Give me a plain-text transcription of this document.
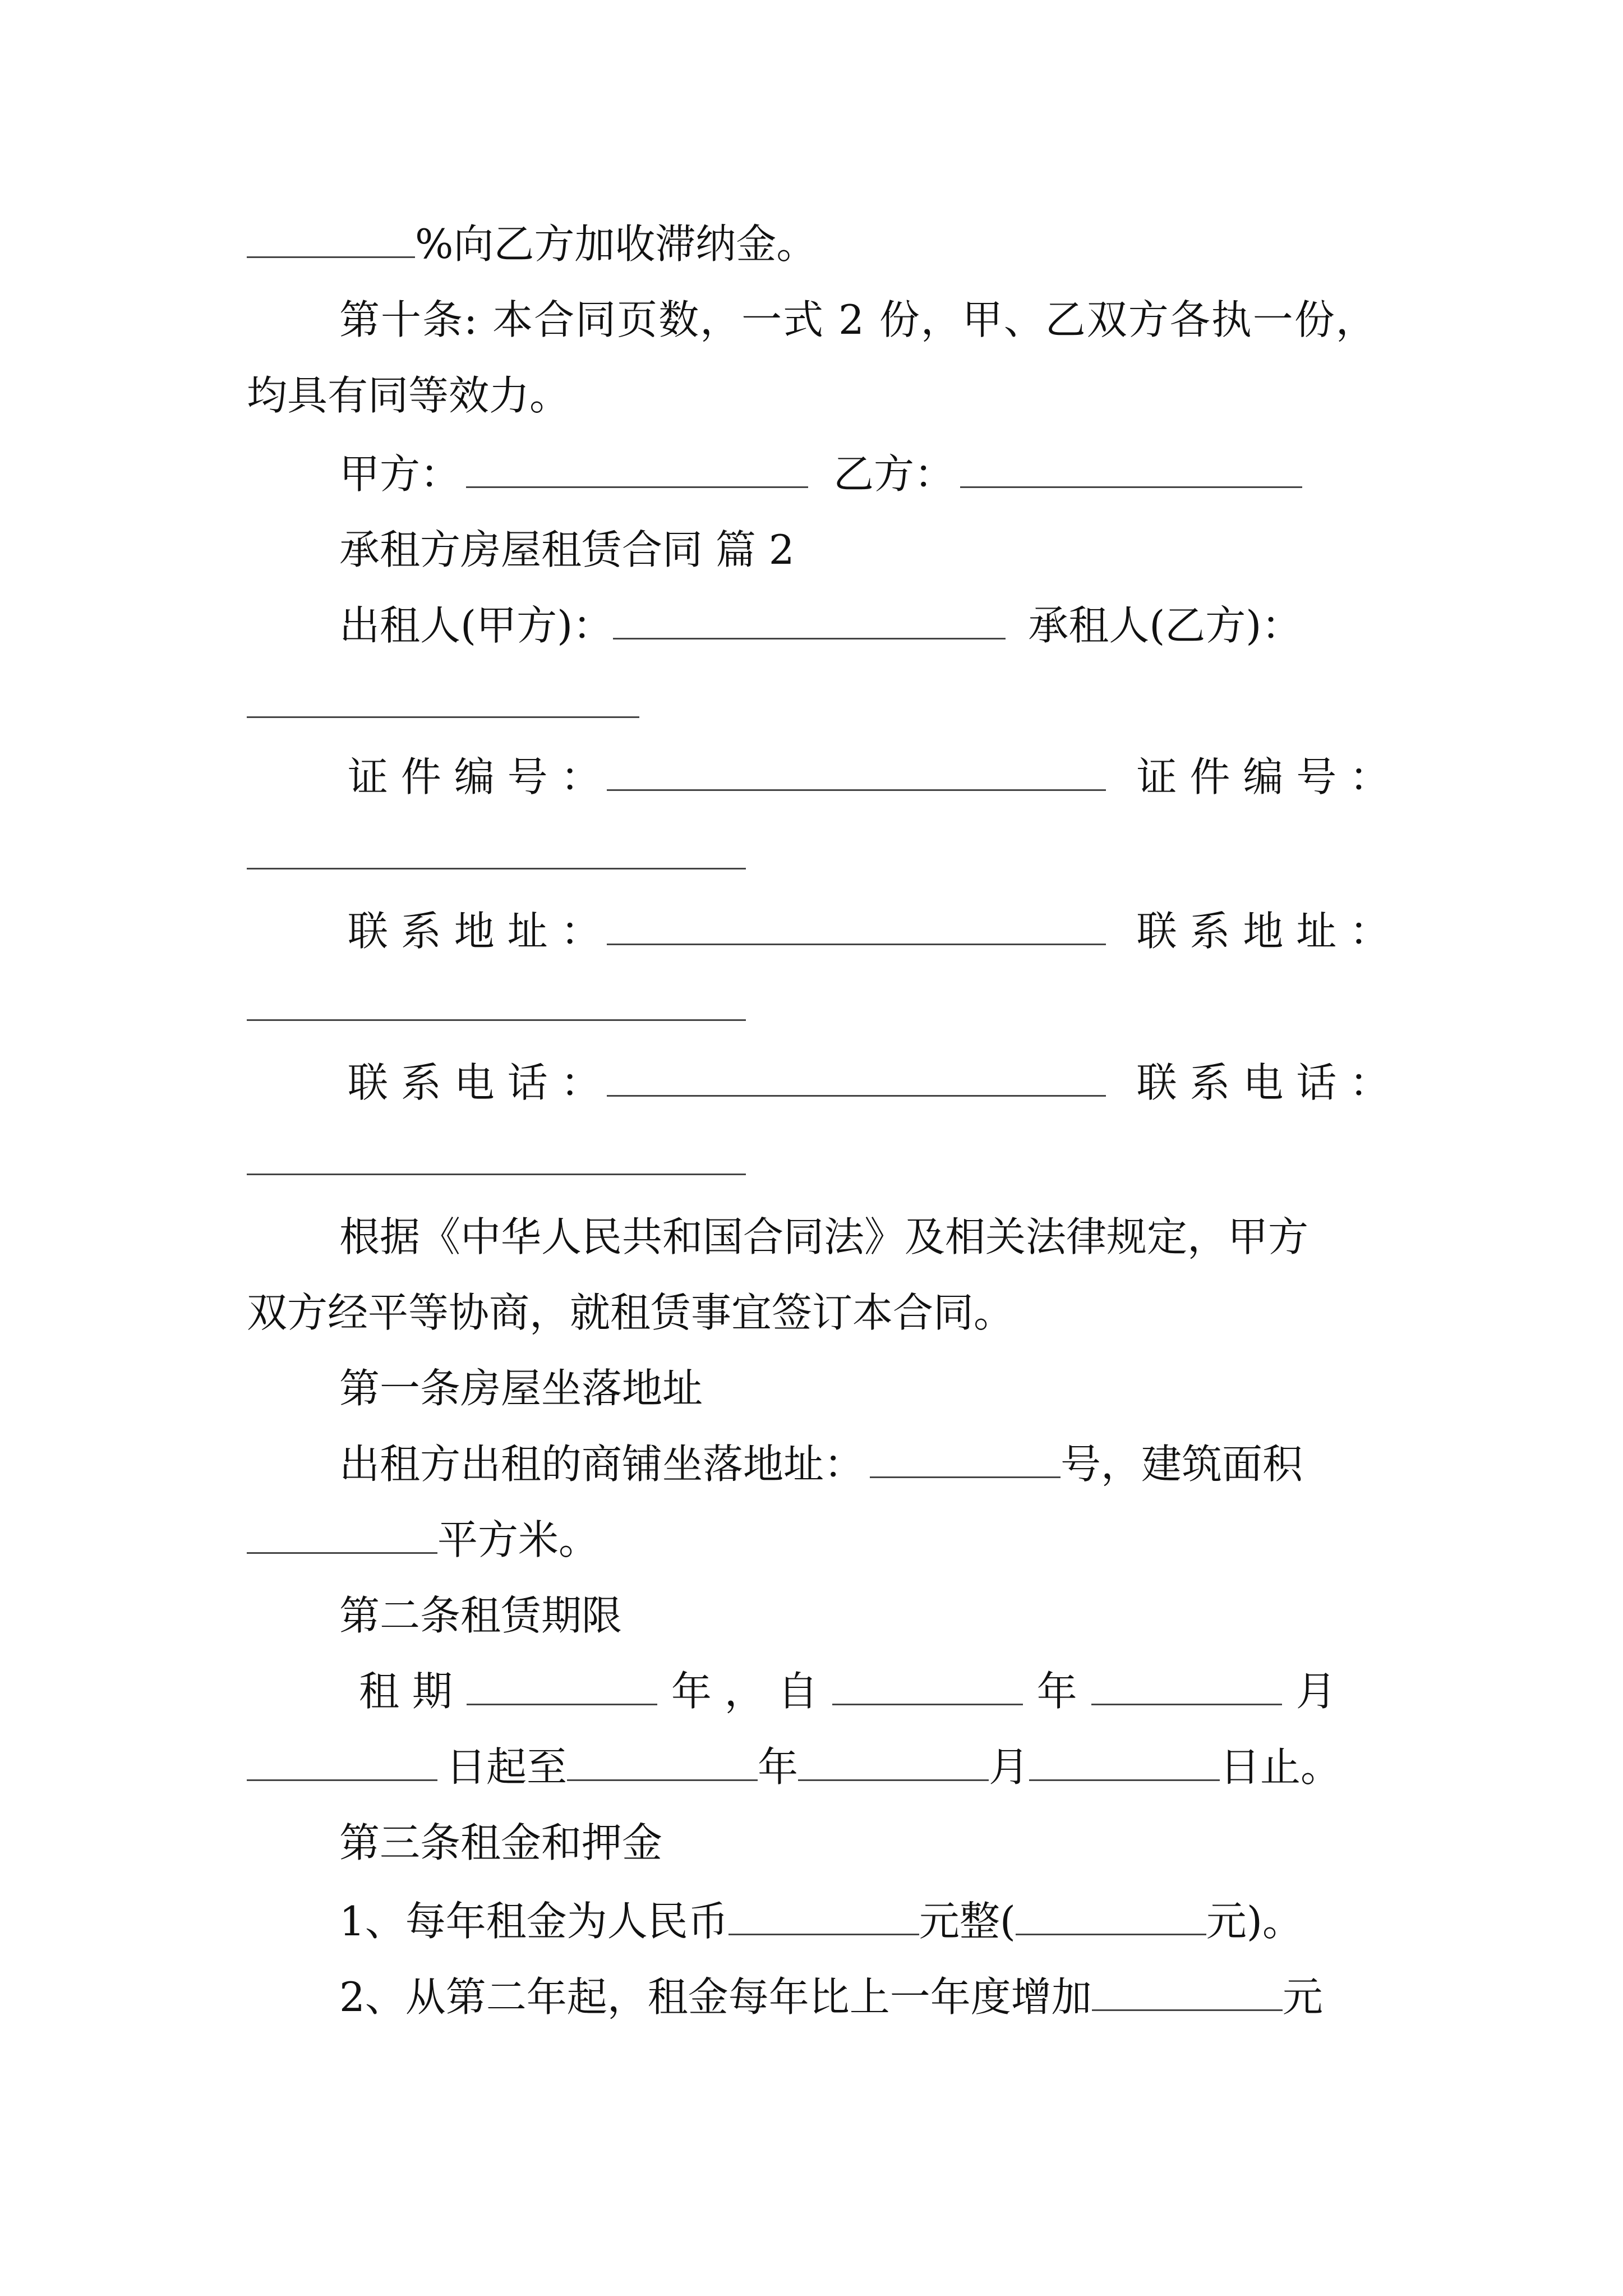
%向乙方加收滞纳金。
第十条: 本合同页数，一式 2 份，甲、乙双方各执一份，
均具有同等效力。
甲方：	乙方：
承租方房屋租赁合同 篇 2
出租人(甲方)：	承租人(乙方)：
证 件 编 号 ：	证 件 编 号 ：
联 系 地 址 ：	联 系 地 址 ：
联 系 电 话 ：	联 系 电 话 ：
根据《中华人民共和国合同法》及相关法律规定，甲方
双方经平等协商，就租赁事宜签订本合同。
第一条房屋坐落地址
出租方出租的商铺坐落地址：	号，建筑面积
平方米。
第二条租赁期限
租 期	年 ， 自	年	月
日起至	年	月	日止。
第三条租金和押金
1、每年租金为人民币	元整(	元)。
2、从第二年起，租金每年比上一年度增加	元
